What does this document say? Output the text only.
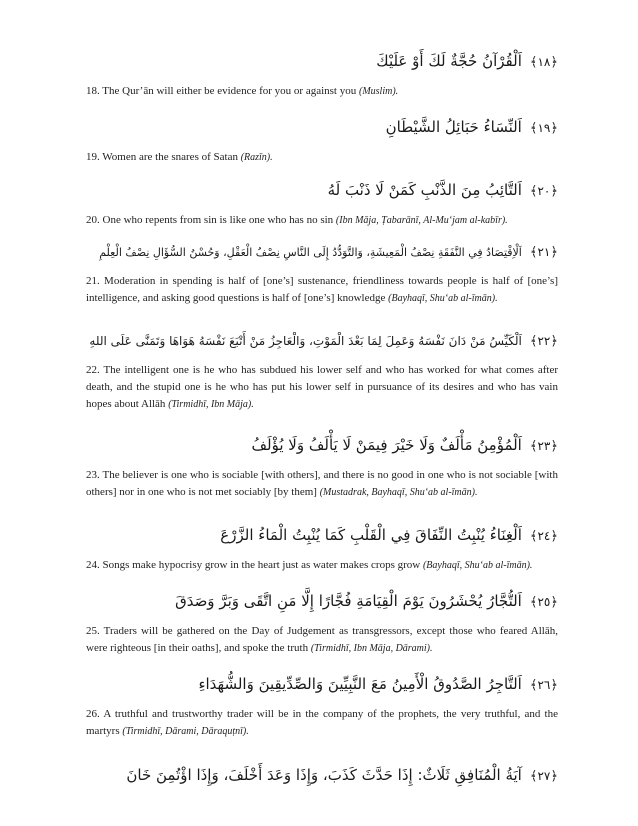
﴿١٨﴾اَلْقُرْآنُ حُجَّةٌ لَكَ أَوْ عَلَيْكَ
18. The Qur’ān will either be evidence for you or against you (Muslim).
﴿١٩﴾اَلنِّسَاءُ حَبَائِلُ الشَّيْطَانِ
19. Women are the snares of Satan (Razīn).
﴿٢٠﴾اَلتَّائِبُ مِنَ الذَّنْبِ كَمَنْ لَا ذَنْبَ لَهُ
20. One who repents from sin is like one who has no sin (Ibn Māja, Ṭabarānī, Al-Mu‘jam al-kabīr).
﴿٢١﴾اَلْاِقْتِصَادُ فِي النَّفَقَةِ نِصْفُ الْمَعِيشَةِ، وَالتَّوَدُّدُ إِلَى النَّاسِ نِصْفُ الْعَقْلِ، وَحُسْنُ السُّؤَالِ نِصْفُ الْعِلْمِ
21. Moderation in spending is half of [one’s] sustenance, friendliness towards people is half of [one’s] intelligence, and asking good questions is half of [one’s] knowledge (Bayhaqī, Shu‘ab al-īmān).
﴿٢٢﴾اَلْكَيِّسُ مَنْ دَانَ نَفْسَهُ وَعَمِلَ لِمَا بَعْدَ الْمَوْتِ، وَالْعَاجِزُ مَنْ أَتْبَعَ نَفْسَهُ هَوَاهَا وَتَمَنَّى عَلَى اللهِ
22. The intelligent one is he who has subdued his lower self and who has worked for what comes after death, and the stupid one is he who has put his lower self in pursuance of its desires and who has vain hopes about Allāh (Tirmidhī, Ibn Māja).
﴿٢٣﴾اَلْمُؤْمِنُ مَأْلَفٌ وَلَا خَيْرَ فِيمَنْ لَا يَأْلَفُ وَلَا يُؤْلَفُ
23. The believer is one who is sociable [with others], and there is no good in one who is not sociable [with others] nor in one who is not met sociably [by them] (Mustadrak, Bayhaqī, Shu‘ab al-īmān).
﴿٢٤﴾اَلْغِنَاءُ يُنْبِتُ النِّفَاقَ فِي الْقَلْبِ كَمَا يُنْبِتُ الْمَاءُ الزَّرْعَ
24. Songs make hypocrisy grow in the heart just as water makes crops grow (Bayhaqī, Shu‘ab al-īmān).
﴿٢٥﴾اَلتُّجَّارُ يُحْشَرُونَ يَوْمَ الْقِيَامَةِ فُجَّارًا إِلَّا مَنِ اتَّقَى وَبَرَّ وَصَدَقَ
25. Traders will be gathered on the Day of Judgement as transgressors, except those who feared Allāh, were righteous [in their oaths], and spoke the truth (Tirmidhī, Ibn Māja, Dārami).
﴿٢٦﴾اَلتَّاجِرُ الصَّدُوقُ الْأَمِينُ مَعَ النَّبِيِّينَ وَالصِّدِّيقِينَ وَالشُّهَدَاءِ
26. A truthful and trustworthy trader will be in the company of the prophets, the very truthful, and the martyrs (Tirmidhī, Dārami, Dāraquṭnī).
﴿٢٧﴾آيَةُ الْمُنَافِقِ ثَلَاثٌ: إِذَا حَدَّثَ كَذَبَ، وَإِذَا وَعَدَ أَخْلَفَ، وَإِذَا اؤْتُمِنَ خَانَ
